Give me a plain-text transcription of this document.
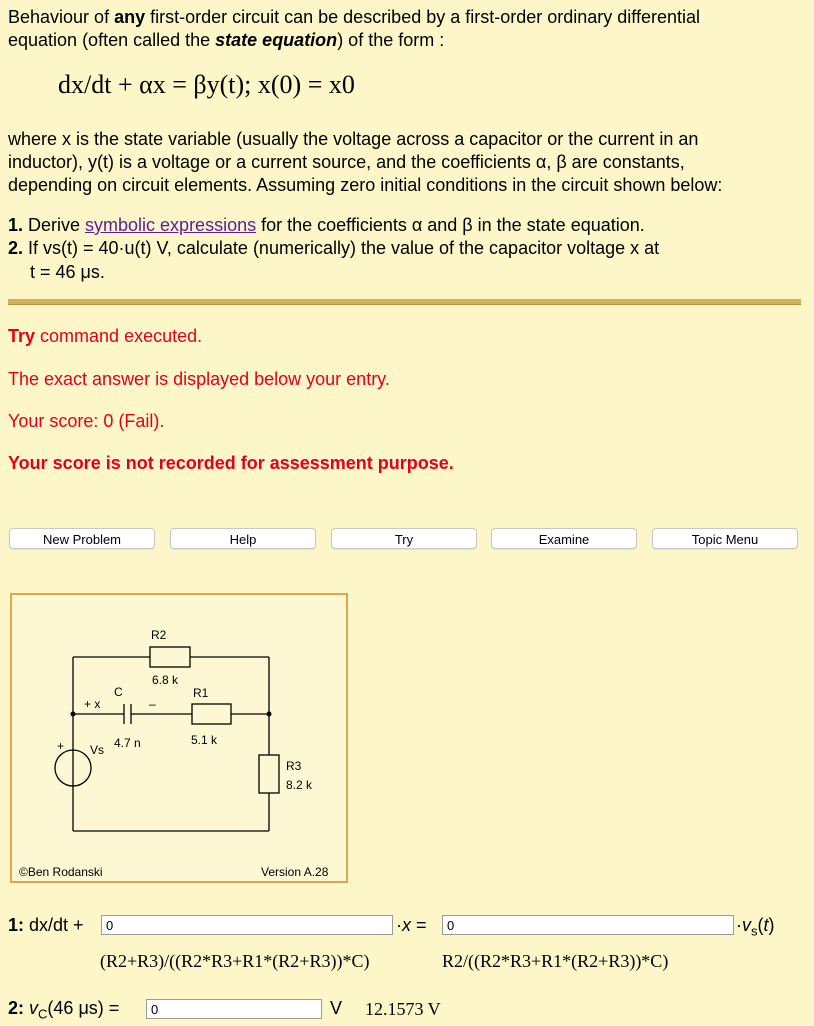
Behaviour of any first-order circuit can be described by a first-order ordinary differential
equation (often called the state equation) of the form :
dx/dt + αx = βy(t); x(0) = x0
where x is the state variable (usually the voltage across a capacitor or the current in an
inductor), y(t) is a voltage or a current source, and the coefficients α, β are constants,
depending on circuit elements. Assuming zero initial conditions in the circuit shown below:
1. Derive symbolic expressions for the coefficients α and β in the state equation.
2. If vs(t) = 40·u(t) V, calculate (numerically) the value of the capacitor voltage x at
t = 46 μs.
Try command executed.
The exact answer is displayed below your entry.
Your score: 0 (Fail).
Your score is not recorded for assessment purpose.
New Problem	Help	Try	Examine	Topic Menu
R2
6.8 k
R1
5.1 k
C
4.7 n
+ x	–
+ Vs
R3
8.2 k
©Ben Rodanski	Version A.28
1: dx/dt +	0	·x =	0	$\cdot v_s(t)$
(R2+R3)/((R2*R3+R1*(R2+R3))*C)	R2/((R2*R3+R1*(R2+R3))*C)
2: $v_C(46$ μs) =	0	V 12.1573 V
